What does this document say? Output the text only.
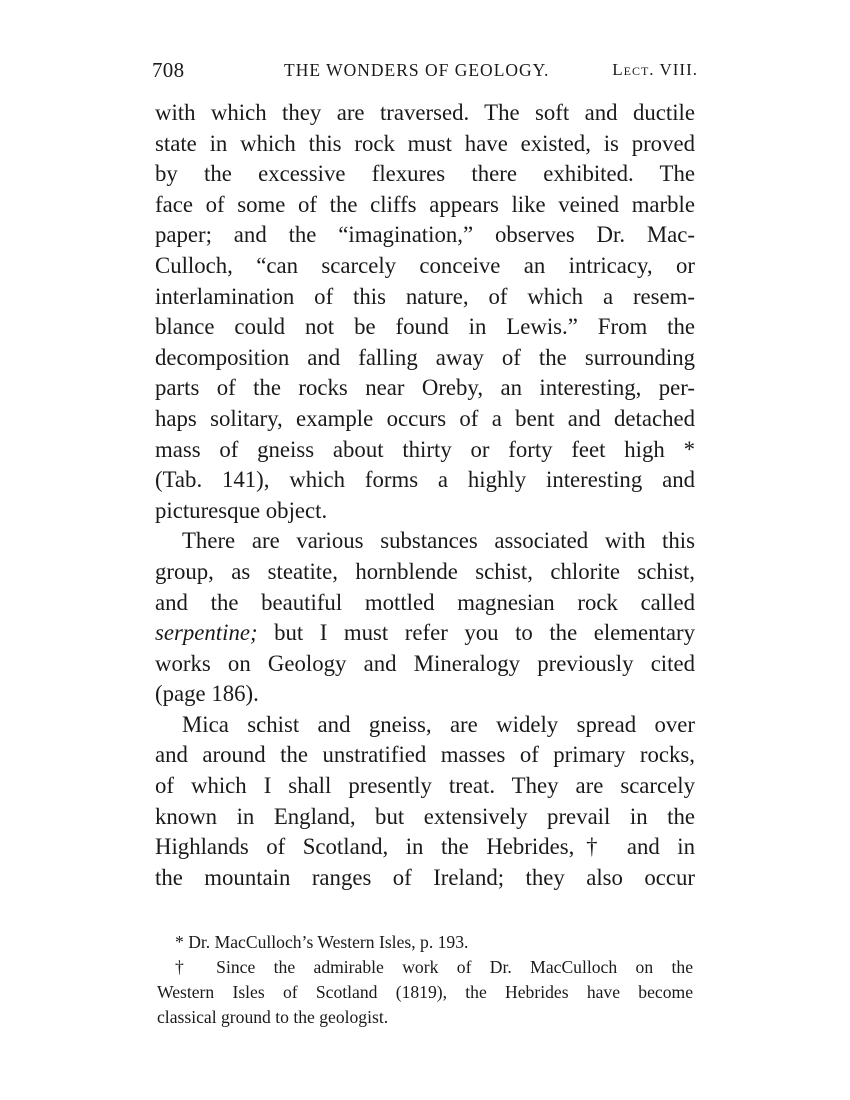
708	THE WONDERS OF GEOLOGY.	Lect. VIII.
with which they are traversed. The soft and ductile
state in which this rock must have existed, is proved
by the excessive flexures there exhibited. The
face of some of the cliffs appears like veined marble
paper; and the “imagination,” observes Dr. Mac-
Culloch, “can scarcely conceive an intricacy, or
interlamination of this nature, of which a resem-
blance could not be found in Lewis.” From the
decomposition and falling away of the surrounding
parts of the rocks near Oreby, an interesting, per-
haps solitary, example occurs of a bent and detached
mass of gneiss about thirty or forty feet high *
(Tab. 141), which forms a highly interesting and
picturesque object.
There are various substances associated with this
group, as steatite, hornblende schist, chlorite schist,
and the beautiful mottled magnesian rock called
serpentine; but I must refer you to the elementary
works on Geology and Mineralogy previously cited
(page 186).
Mica schist and gneiss, are widely spread over
and around the unstratified masses of primary rocks,
of which I shall presently treat. They are scarcely
known in England, but extensively prevail in the
Highlands of Scotland, in the Hebrides,† and in
the mountain ranges of Ireland; they also occur
* Dr. MacCulloch’s Western Isles, p. 193.
† Since the admirable work of Dr. MacCulloch on the
Western Isles of Scotland (1819), the Hebrides have become
classical ground to the geologist.
